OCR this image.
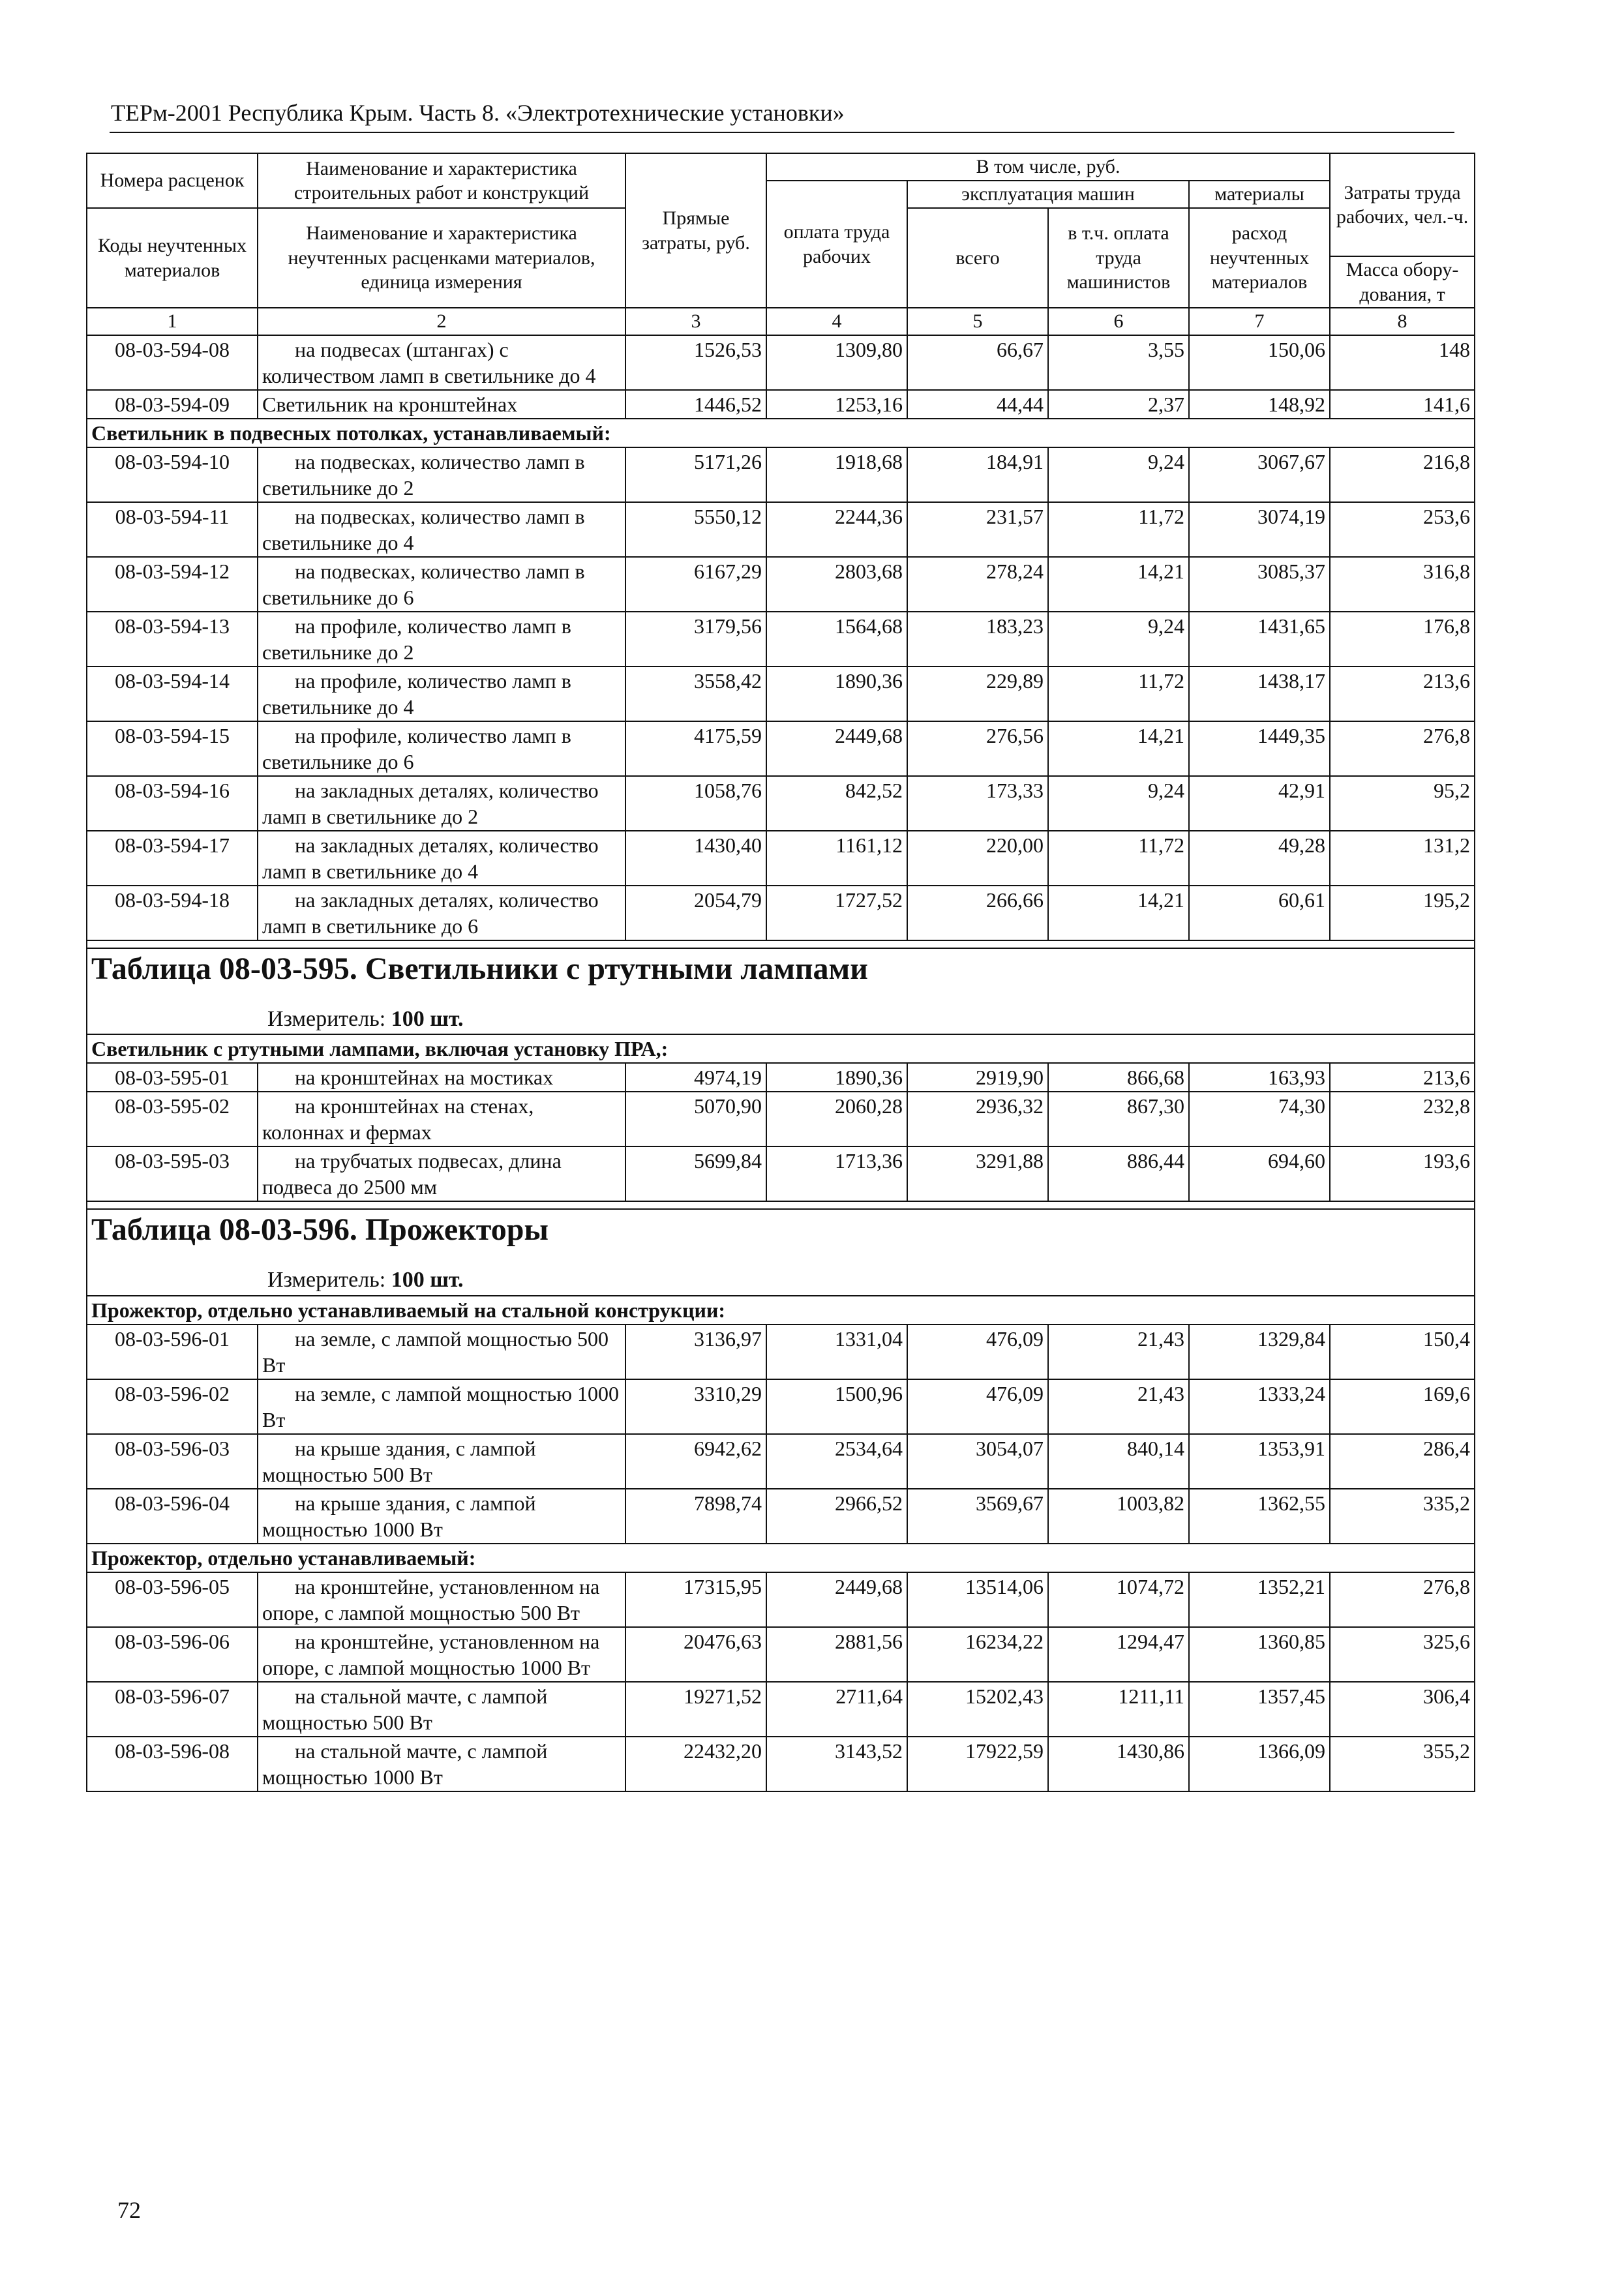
ТЕРм-2001 Республика Крым. Часть 8. «Электротехнические установки»
Номера расценок	Наименование и характеристика строительных работ и конструкций	Прямые затраты, руб.	В том числе, руб.				Затраты труда рабочих, чел.-ч.
			оплата труда рабочих	эксплуатация машин		материалы	
Коды неучтенных материалов	Наименование и характеристика неучтенных расценками материалов, единица измерения			всего	в т.ч. оплата труда машинистов	расход неучтенных материалов	
							Масса обору-дования, т
1	2	3	4	5	6	7	8
08-03-594-08	на подвесах (штангах) с количеством ламп в светильнике до 4	1526,53	1309,80	66,67	3,55	150,06	148
08-03-594-09	Светильник на кронштейнах	1446,52	1253,16	44,44	2,37	148,92	141,6
Светильник в подвесных потолках, устанавливаемый:							
08-03-594-10	на подвесках, количество ламп в светильнике до 2	5171,26	1918,68	184,91	9,24	3067,67	216,8
08-03-594-11	на подвесках, количество ламп в светильнике до 4	5550,12	2244,36	231,57	11,72	3074,19	253,6
08-03-594-12	на подвесках, количество ламп в светильнике до 6	6167,29	2803,68	278,24	14,21	3085,37	316,8
08-03-594-13	на профиле, количество ламп в светильнике до 2	3179,56	1564,68	183,23	9,24	1431,65	176,8
08-03-594-14	на профиле, количество ламп в светильнике до 4	3558,42	1890,36	229,89	11,72	1438,17	213,6
08-03-594-15	на профиле, количество ламп в светильнике до 6	4175,59	2449,68	276,56	14,21	1449,35	276,8
08-03-594-16	на закладных деталях, количество ламп в светильнике до 2	1058,76	842,52	173,33	9,24	42,91	95,2
08-03-594-17	на закладных деталях, количество ламп в светильнике до 4	1430,40	1161,12	220,00	11,72	49,28	131,2
08-03-594-18	на закладных деталях, количество ламп в светильнике до 6	2054,79	1727,52	266,66	14,21	60,61	195,2

Таблица 08-03-595. Светильники с ртутными лампами
Измеритель: 100 шт.							

Светильник с ртутными лампами, включая установку ПРА,:							
08-03-595-01	на кронштейнах на мостиках	4974,19	1890,36	2919,90	866,68	163,93	213,6
08-03-595-02	на кронштейнах на стенах, колоннах и фермах	5070,90	2060,28	2936,32	867,30	74,30	232,8
08-03-595-03	на трубчатых подвесах, длина подвеса до 2500 мм	5699,84	1713,36	3291,88	886,44	694,60	193,6

Таблица 08-03-596. Прожекторы
Измеритель: 100 шт.							

Прожектор, отдельно устанавливаемый на стальной конструкции:							
08-03-596-01	на земле, с лампой мощностью 500 Вт	3136,97	1331,04	476,09	21,43	1329,84	150,4
08-03-596-02	на земле, с лампой мощностью 1000 Вт	3310,29	1500,96	476,09	21,43	1333,24	169,6
08-03-596-03	на крыше здания, с лампой мощностью 500 Вт	6942,62	2534,64	3054,07	840,14	1353,91	286,4
08-03-596-04	на крыше здания, с лампой мощностью 1000 Вт	7898,74	2966,52	3569,67	1003,82	1362,55	335,2
Прожектор, отдельно устанавливаемый:							
08-03-596-05	на кронштейне, установленном на опоре, с лампой мощностью 500 Вт	17315,95	2449,68	13514,06	1074,72	1352,21	276,8
08-03-596-06	на кронштейне, установленном на опоре, с лампой мощностью 1000 Вт	20476,63	2881,56	16234,22	1294,47	1360,85	325,6
08-03-596-07	на стальной мачте, с лампой мощностью 500 Вт	19271,52	2711,64	15202,43	1211,11	1357,45	306,4
08-03-596-08	на стальной мачте, с лампой мощностью 1000 Вт	22432,20	3143,52	17922,59	1430,86	1366,09	355,2
72
